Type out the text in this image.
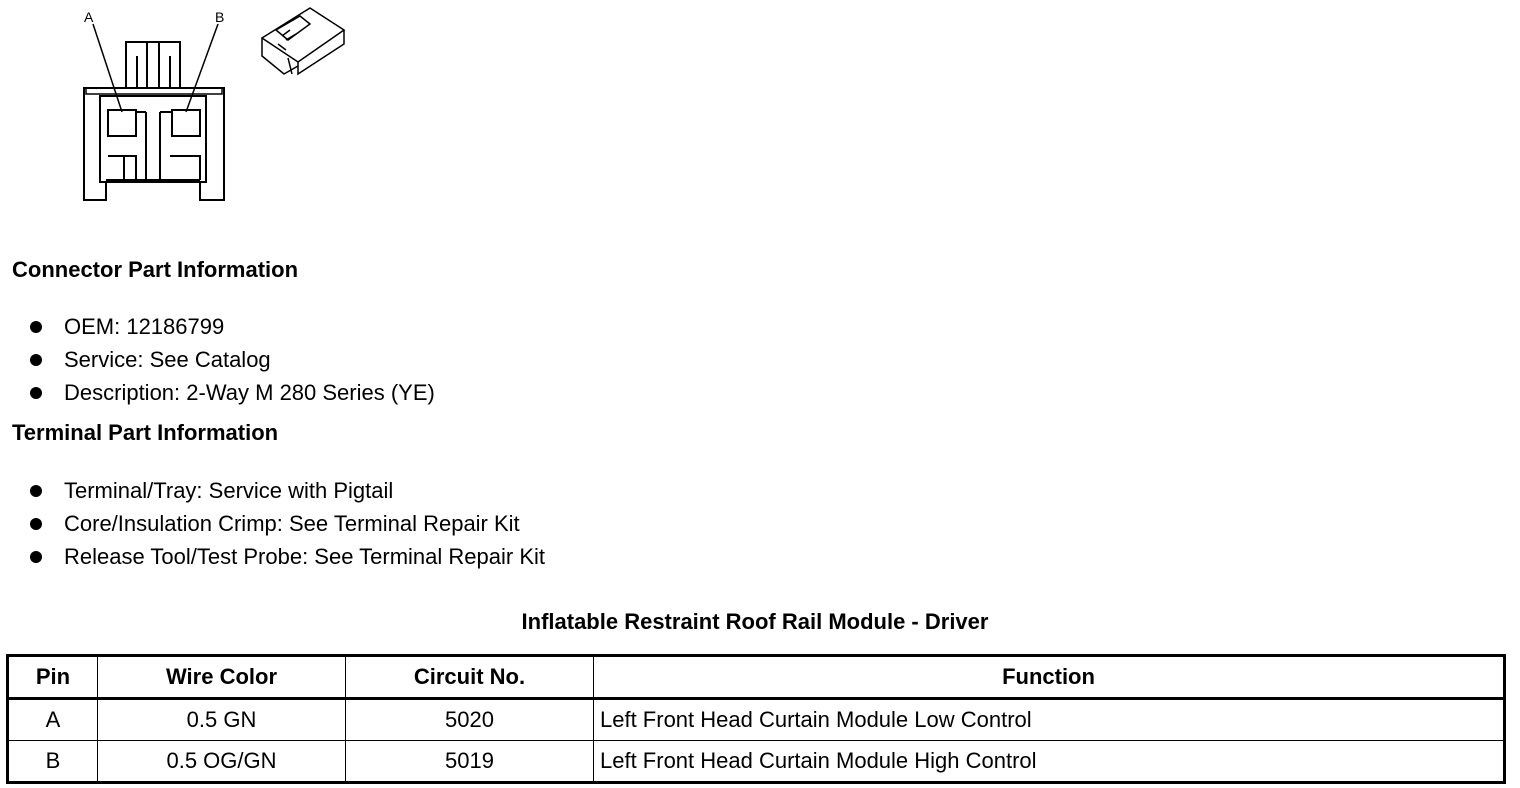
A	B
Connector Part Information
OEM: 12186799
Service: See Catalog
Description: 2-Way M 280 Series (YE)
Terminal Part Information
Terminal/Tray: Service with Pigtail
Core/Insulation Crimp: See Terminal Repair Kit
Release Tool/Test Probe: See Terminal Repair Kit
Inflatable Restraint Roof Rail Module - Driver
Pin	Wire Color	Circuit No.	Function
A	0.5 GN	5020	Left Front Head Curtain Module Low Control
B	0.5 OG/GN	5019	Left Front Head Curtain Module High Control
